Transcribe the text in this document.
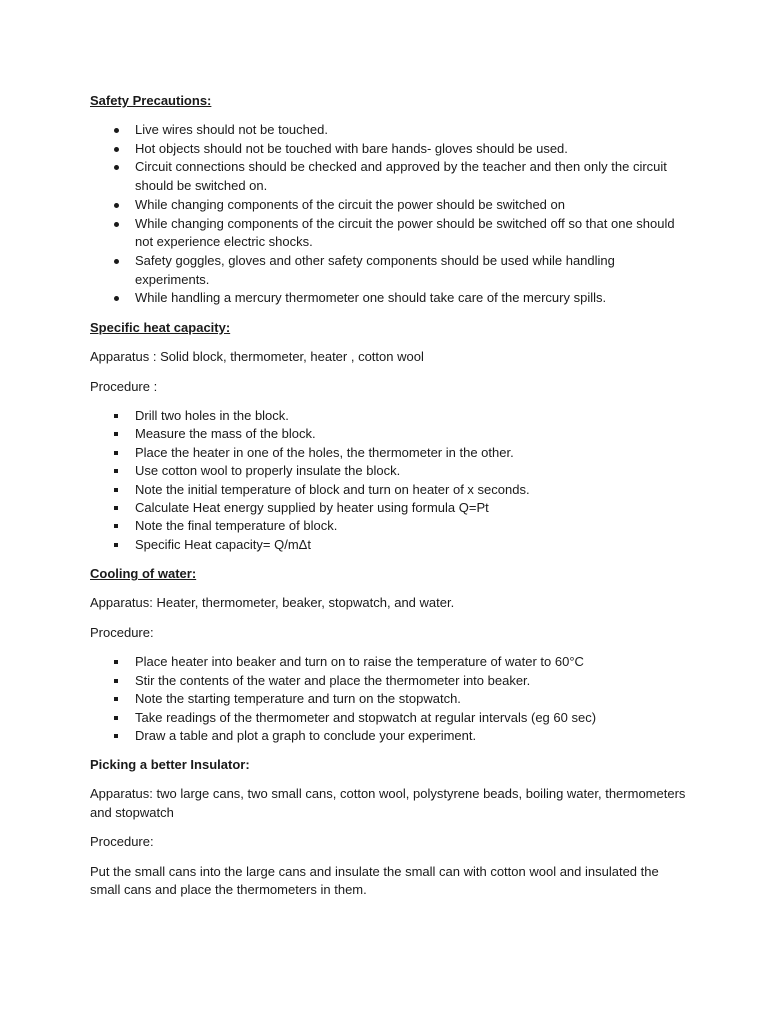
Safety Precautions:
Live wires should not be touched.
Hot objects should not be touched with bare hands- gloves should be used.
Circuit connections should be checked and approved by the teacher and then only the circuit should be switched on.
While changing components of the circuit the power should be switched on
While changing components of the circuit the power should be switched off so that one should not experience electric shocks.
Safety goggles, gloves and other safety components should be used while handling experiments.
While handling a mercury thermometer one should take care of the mercury spills.
Specific heat capacity:
Apparatus : Solid block, thermometer, heater , cotton wool
Procedure :
Drill two holes in the block.
Measure the mass of the block.
Place the heater in one of the holes, the thermometer in the other.
Use cotton wool to properly insulate the block.
Note the initial temperature of block and turn on heater of x seconds.
Calculate Heat energy supplied by heater using formula Q=Pt
Note the final temperature of block.
Specific Heat capacity= Q/mΔt
Cooling of water:
Apparatus: Heater, thermometer, beaker, stopwatch, and water.
Procedure:
Place heater into beaker and turn on to raise the temperature of water to 60°C
Stir the contents of the water and place the thermometer into beaker.
Note the starting temperature and turn on the stopwatch.
Take readings of the thermometer and stopwatch at regular intervals (eg 60 sec)
Draw a table and plot a graph to conclude your experiment.
Picking a better Insulator:
Apparatus: two large cans, two small cans, cotton wool, polystyrene beads, boiling water, thermometers and stopwatch
Procedure:
Put the small cans into the large cans and insulate the small can with cotton wool and insulated the small cans and place the thermometers in them.
